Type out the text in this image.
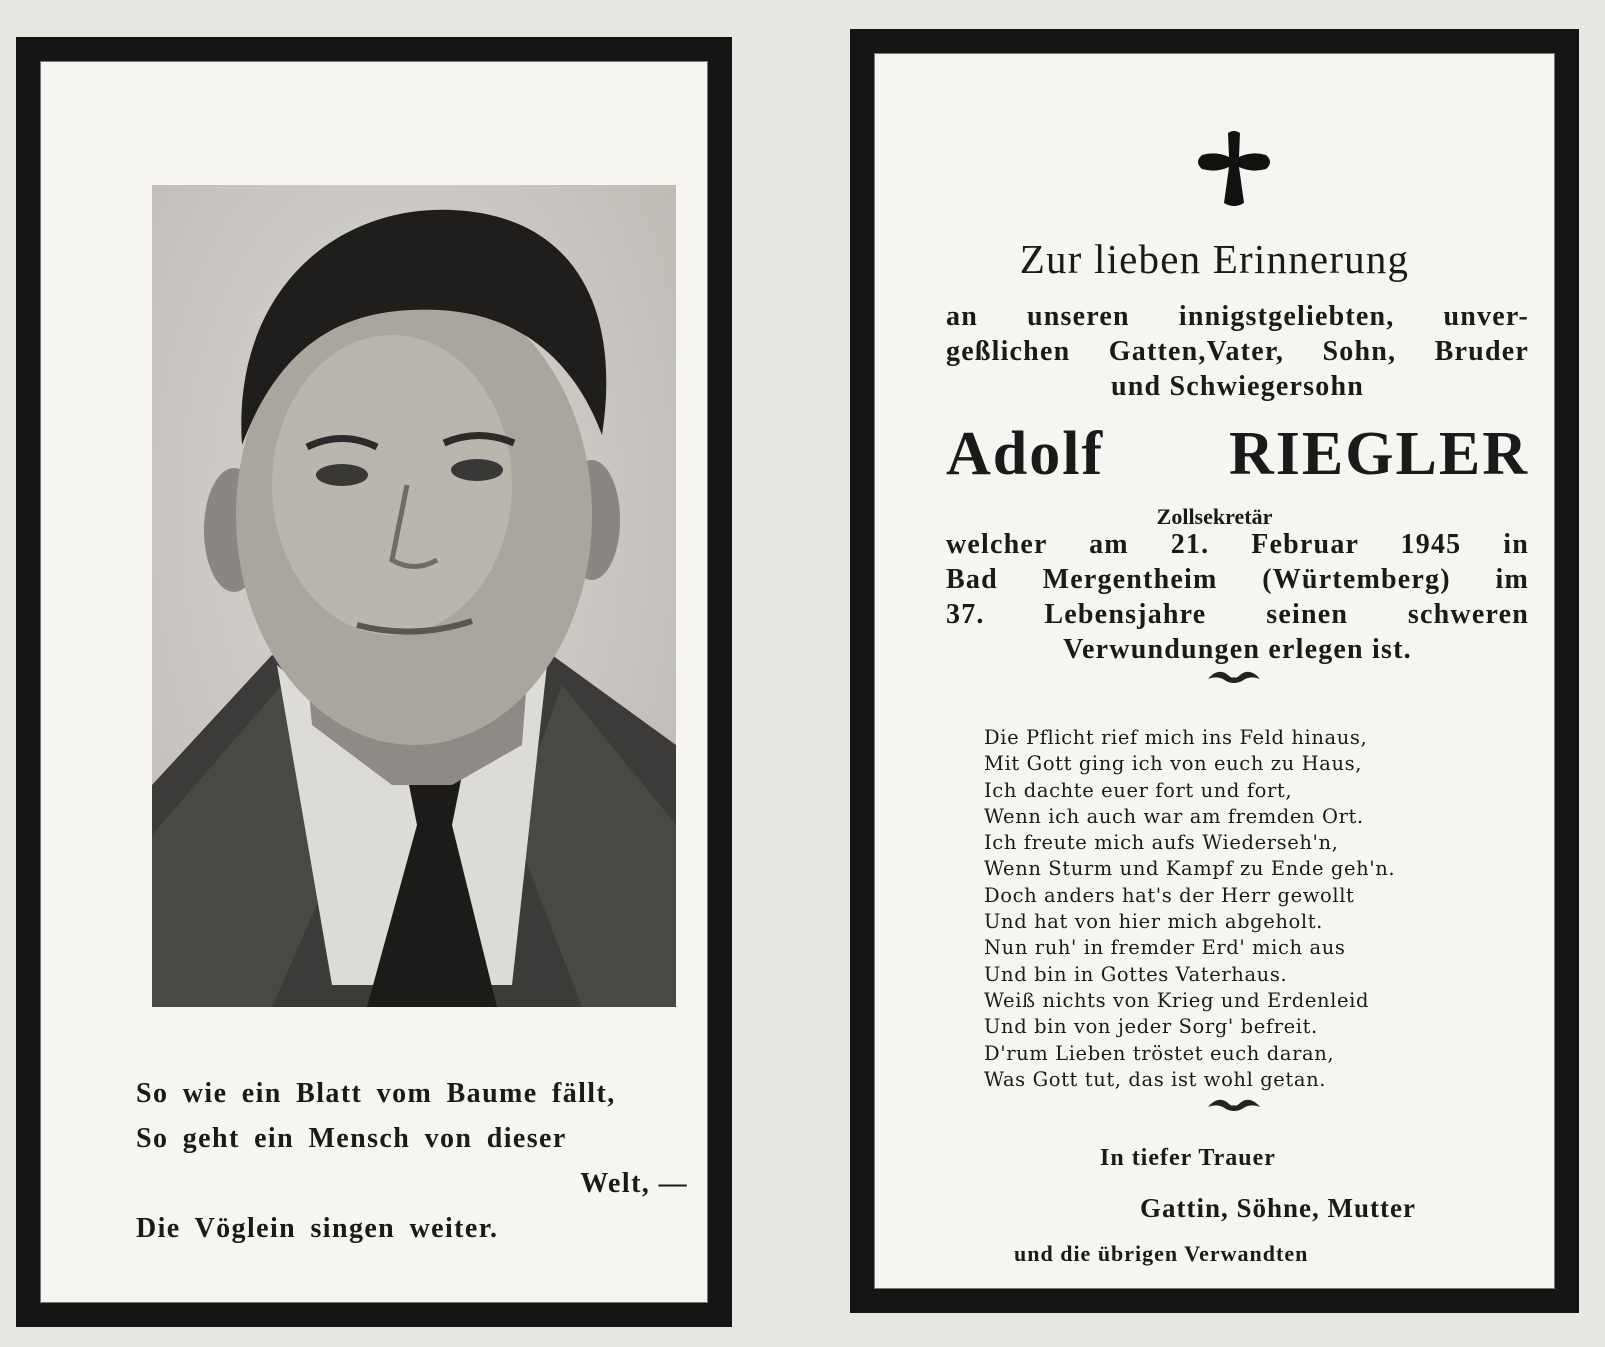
So wie ein Blatt vom Baume fällt,
So geht ein Mensch von dieser
Welt, —
Die Vöglein singen weiter.
Zur lieben Erinnerung
an unseren innigstgeliebten, unver-
geßlichen Gatten,Vater, Sohn, Bruder
und Schwiegersohn
Adolf RIEGLER
Zollsekretär
welcher am 21. Februar 1945 in
Bad Mergentheim (Würtemberg) im
37. Lebensjahre seinen schweren
Verwundungen erlegen ist.
Die Pflicht rief mich ins Feld hinaus,
Mit Gott ging ich von euch zu Haus,
Ich dachte euer fort und fort,
Wenn ich auch war am fremden Ort.
Ich freute mich aufs Wiederseh'n,
Wenn Sturm und Kampf zu Ende geh'n.
Doch anders hat's der Herr gewollt
Und hat von hier mich abgeholt.
Nun ruh' in fremder Erd' mich aus
Und bin in Gottes Vaterhaus.
Weiß nichts von Krieg und Erdenleid
Und bin von jeder Sorg' befreit.
D'rum Lieben tröstet euch daran,
Was Gott tut, das ist wohl getan.
In tiefer Trauer
Gattin, Söhne, Mutter
und die übrigen Verwandten
